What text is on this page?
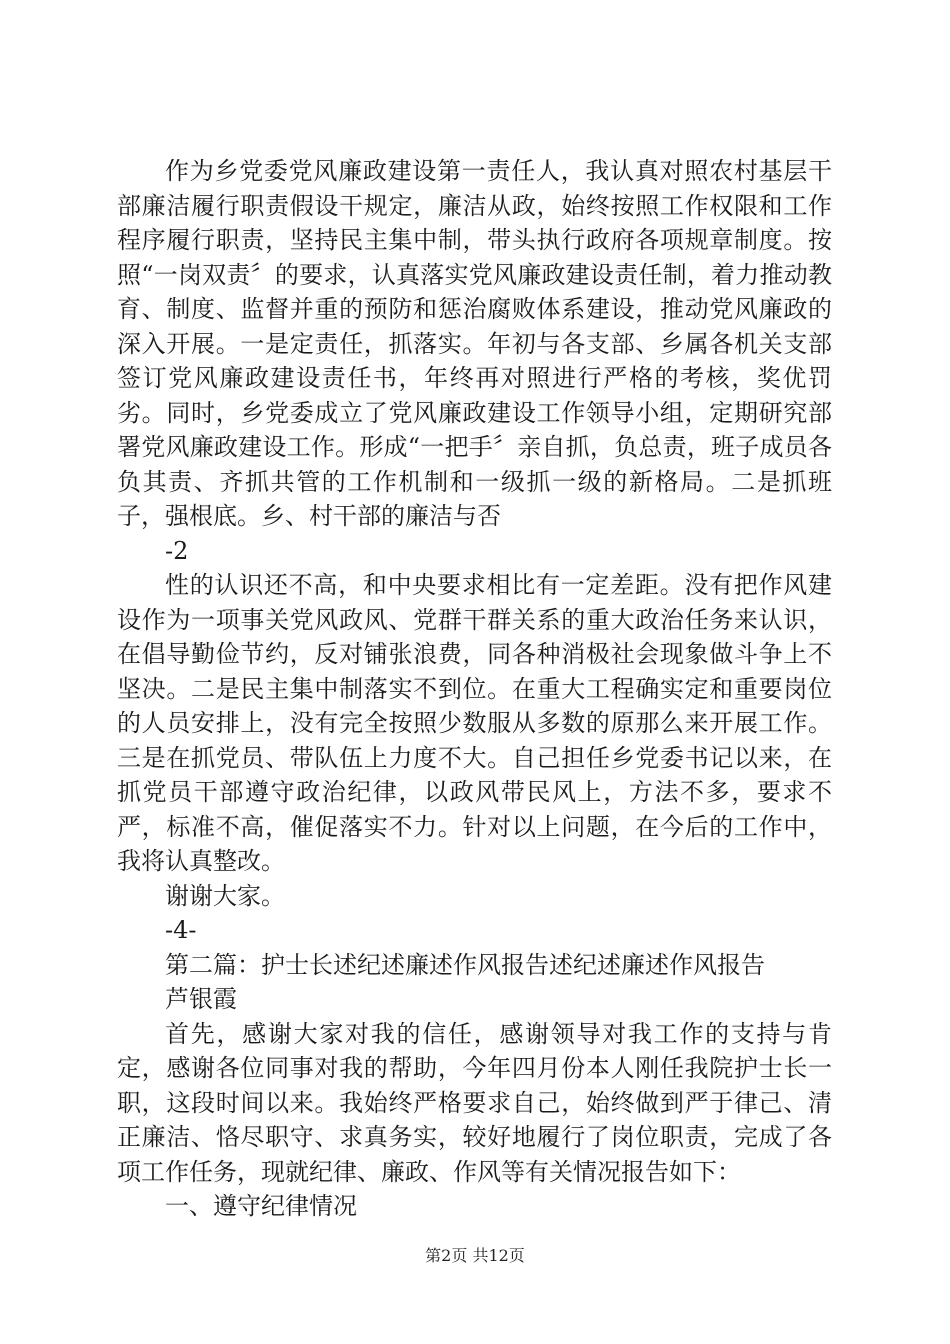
作为乡党委党风廉政建设第一责任人，我认真对照农村基层干部廉洁履行职责假设干规定，廉洁从政，始终按照工作权限和工作程序履行职责，坚持民主集中制，带头执行政府各项规章制度。按照“一岗双责〞的要求，认真落实党风廉政建设责任制，着力推动教育、制度、监督并重的预防和惩治腐败体系建设，推动党风廉政的深入开展。一是定责任，抓落实。年初与各支部、乡属各机关支部签订党风廉政建设责任书，年终再对照进行严格的考核，奖优罚劣。同时，乡党委成立了党风廉政建设工作领导小组，定期研究部署党风廉政建设工作。形成“一把手〞亲自抓，负总责，班子成员各负其责、齐抓共管的工作机制和一级抓一级的新格局。二是抓班子，强根底。乡、村干部的廉洁与否

-2

性的认识还不高，和中央要求相比有一定差距。没有把作风建设作为一项事关党风政风、党群干群关系的重大政治任务来认识，在倡导勤俭节约，反对铺张浪费，同各种消极社会现象做斗争上不坚决。二是民主集中制落实不到位。在重大工程确实定和重要岗位的人员安排上，没有完全按照少数服从多数的原那么来开展工作。三是在抓党员、带队伍上力度不大。自己担任乡党委书记以来，在抓党员干部遵守政治纪律，以政风带民风上，方法不多，要求不严，标准不高，催促落实不力。针对以上问题，在今后的工作中，我将认真整改。

谢谢大家。

-4-

第二篇：护士长述纪述廉述作风报告述纪述廉述作风报告

芦银霞

首先，感谢大家对我的信任，感谢领导对我工作的支持与肯定，感谢各位同事对我的帮助，今年四月份本人刚任我院护士长一职，这段时间以来。我始终严格要求自己，始终做到严于律己、清正廉洁、恪尽职守、求真务实，较好地履行了岗位职责，完成了各项工作任务，现就纪律、廉政、作风等有关情况报告如下：

一、遵守纪律情况

第2页 共12页
